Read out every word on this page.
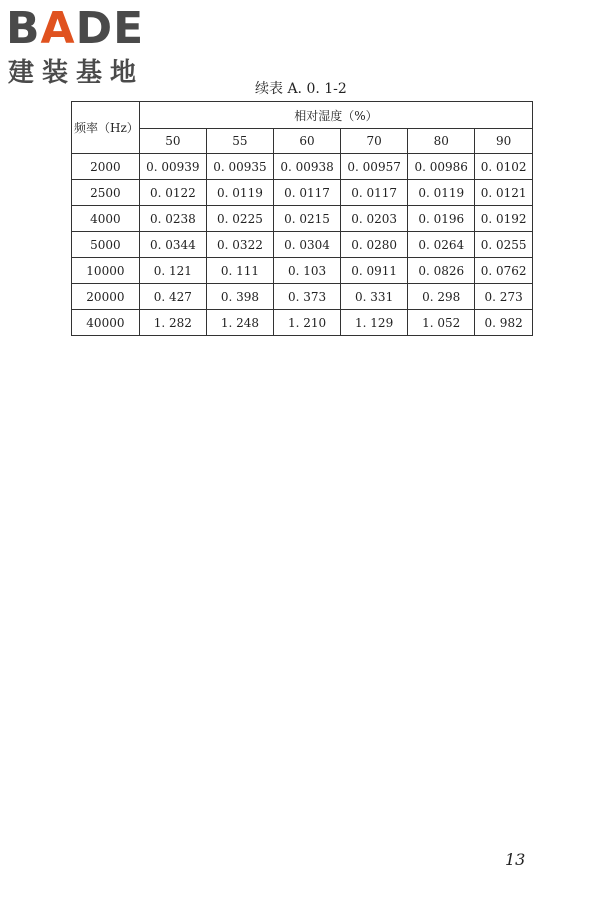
BADE
建装基地
续表 A. 0. 1-2
频率（Hz）	相对湿度（%）					
	50	55	60	70	80	90
2000	0. 00939	0. 00935	0. 00938	0. 00957	0. 00986	0. 0102
2500	0. 0122	0. 0119	0. 0117	0. 0117	0. 0119	0. 0121
4000	0. 0238	0. 0225	0. 0215	0. 0203	0. 0196	0. 0192
5000	0. 0344	0. 0322	0. 0304	0. 0280	0. 0264	0. 0255
10000	0. 121	0. 111	0. 103	0. 0911	0. 0826	0. 0762
20000	0. 427	0. 398	0. 373	0. 331	0. 298	0. 273
40000	1. 282	1. 248	1. 210	1. 129	1. 052	0. 982
13
